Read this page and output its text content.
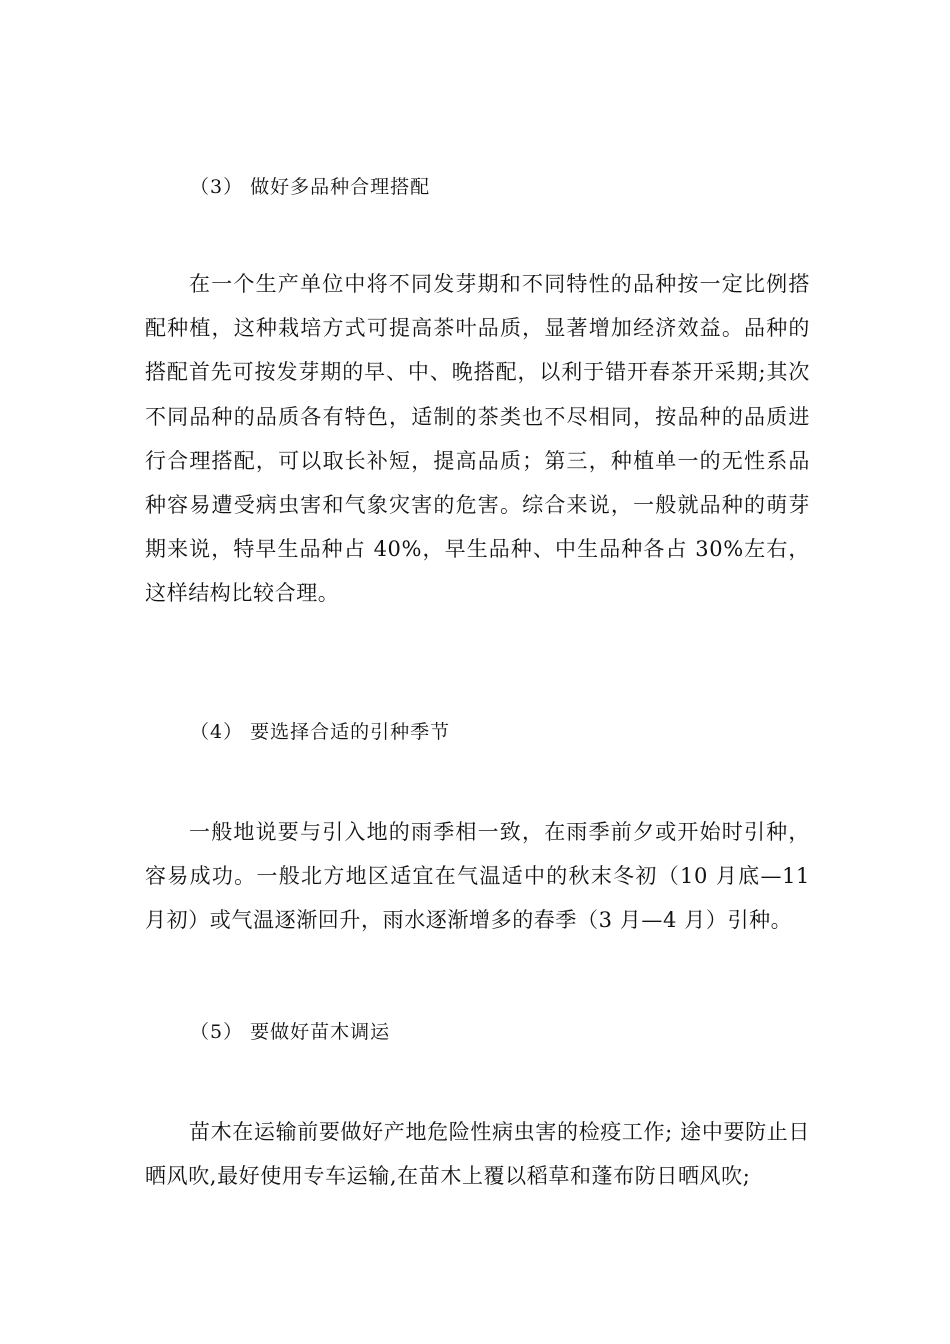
（3） 做好多品种合理搭配

在一个生产单位中将不同发芽期和不同特性的品种按一定比例搭配种植，这种栽培方式可提高茶叶品质，显著增加经济效益。品种的搭配首先可按发芽期的早、中、晚搭配，以利于错开春茶开采期;其次不同品种的品质各有特色，适制的茶类也不尽相同，按品种的品质进行合理搭配，可以取长补短，提高品质；第三，种植单一的无性系品种容易遭受病虫害和气象灾害的危害。综合来说，一般就品种的萌芽期来说，特早生品种占 40%，早生品种、中生品种各占 30%左右，这样结构比较合理。

（4） 要选择合适的引种季节

一般地说要与引入地的雨季相一致，在雨季前夕或开始时引种，容易成功。一般北方地区适宜在气温适中的秋末冬初（10 月底—11 月初）或气温逐渐回升，雨水逐渐增多的春季（3 月—4 月）引种。

（5） 要做好苗木调运

苗木在运输前要做好产地危险性病虫害的检疫工作; 途中要防止日晒风吹,最好使用专车运输,在苗木上覆以稻草和蓬布防日晒风吹;
